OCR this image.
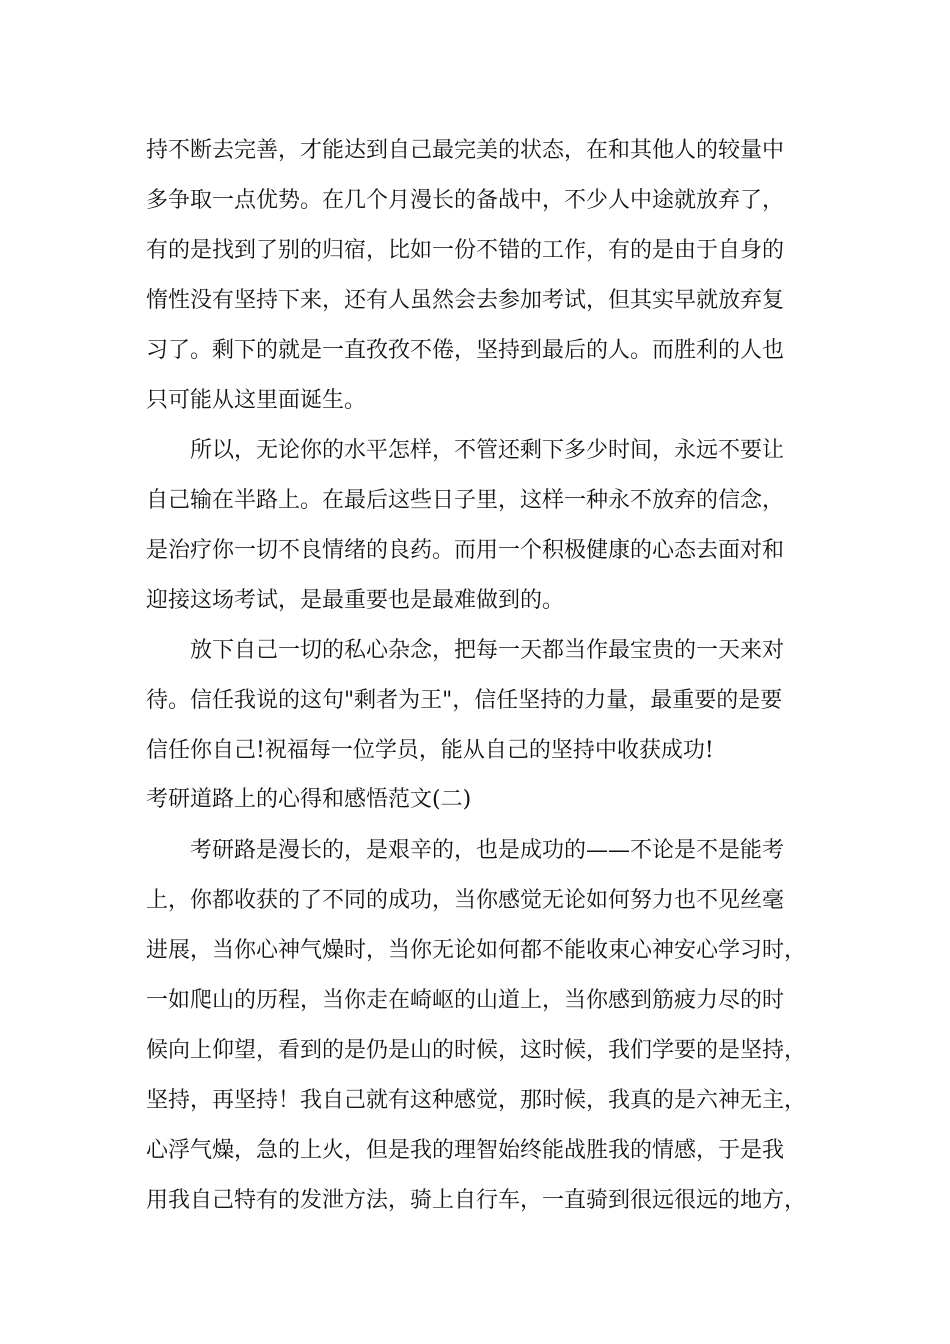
持不断去完善，才能达到自己最完美的状态，在和其他人的较量中

多争取一点优势。在几个月漫长的备战中，不少人中途就放弃了，

有的是找到了别的归宿，比如一份不错的工作，有的是由于自身的

惰性没有坚持下来，还有人虽然会去参加考试，但其实早就放弃复

习了。剩下的就是一直孜孜不倦，坚持到最后的人。而胜利的人也

只可能从这里面诞生。

所以，无论你的水平怎样，不管还剩下多少时间，永远不要让

自己输在半路上。在最后这些日子里，这样一种永不放弃的信念，

是治疗你一切不良情绪的良药。而用一个积极健康的心态去面对和

迎接这场考试，是最重要也是最难做到的。

放下自己一切的私心杂念，把每一天都当作最宝贵的一天来对

待。信任我说的这句"剩者为王"，信任坚持的力量，最重要的是要

信任你自己!祝福每一位学员，能从自己的坚持中收获成功!

考研道路上的心得和感悟范文(二)

考研路是漫长的，是艰辛的，也是成功的——不论是不是能考

上，你都收获的了不同的成功，当你感觉无论如何努力也不见丝毫

进展，当你心神气燥时，当你无论如何都不能收束心神安心学习时，

一如爬山的历程，当你走在崎岖的山道上，当你感到筋疲力尽的时

候向上仰望，看到的是仍是山的时候，这时候，我们学要的是坚持，

坚持，再坚持！我自己就有这种感觉，那时候，我真的是六神无主，

心浮气燥，急的上火，但是我的理智始终能战胜我的情感，于是我

用我自己特有的发泄方法，骑上自行车，一直骑到很远很远的地方，
